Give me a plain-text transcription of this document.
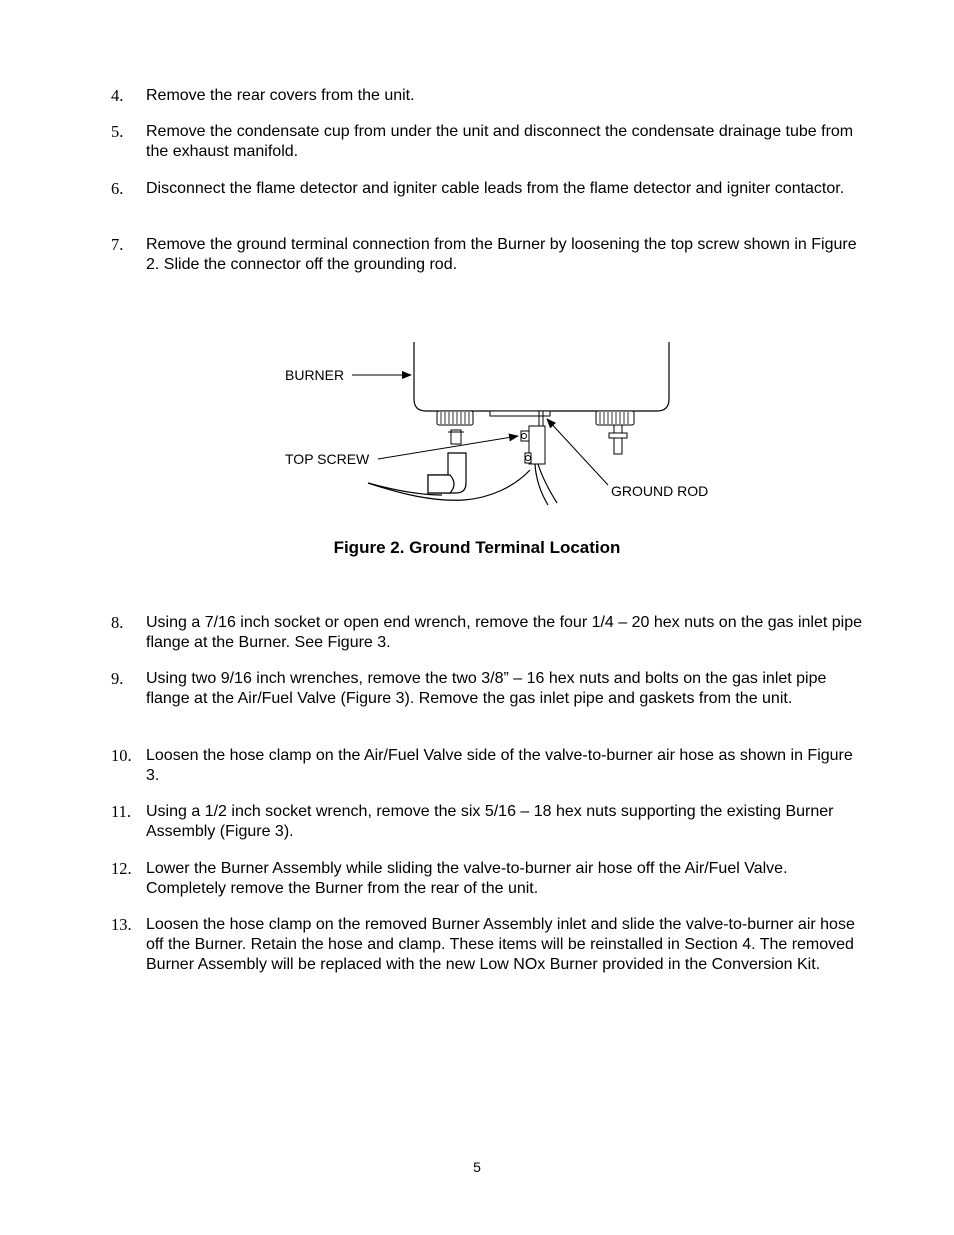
4. Remove the rear covers from the unit.
5. Remove the condensate cup from under the unit and disconnect the condensate drainage tube from the exhaust manifold.
6. Disconnect the flame detector and igniter cable leads from the flame detector and igniter contactor.
7. Remove the ground terminal connection from the Burner by loosening the top screw shown in Figure 2. Slide the connector off the grounding rod.
BURNER
TOP SCREW
GROUND ROD
Figure 2. Ground Terminal Location
8. Using a 7/16 inch socket or open end wrench, remove the four 1/4 – 20 hex nuts on the gas inlet pipe flange at the Burner. See Figure 3.
9. Using two 9/16 inch wrenches, remove the two 3/8” – 16 hex nuts and bolts on the gas inlet pipe flange at the Air/Fuel Valve (Figure 3). Remove the gas inlet pipe and gaskets from the unit.
10. Loosen the hose clamp on the Air/Fuel Valve side of the valve-to-burner air hose as shown in Figure 3.
11. Using a 1/2 inch socket wrench, remove the six 5/16 – 18 hex nuts supporting the existing Burner Assembly (Figure 3).
12. Lower the Burner Assembly while sliding the valve-to-burner air hose off the Air/Fuel Valve. Completely remove the Burner from the rear of the unit.
13. Loosen the hose clamp on the removed Burner Assembly inlet and slide the valve-to-burner air hose off the Burner. Retain the hose and clamp. These items will be reinstalled in Section 4. The removed Burner Assembly will be replaced with the new Low NOx Burner provided in the Conversion Kit.
5
